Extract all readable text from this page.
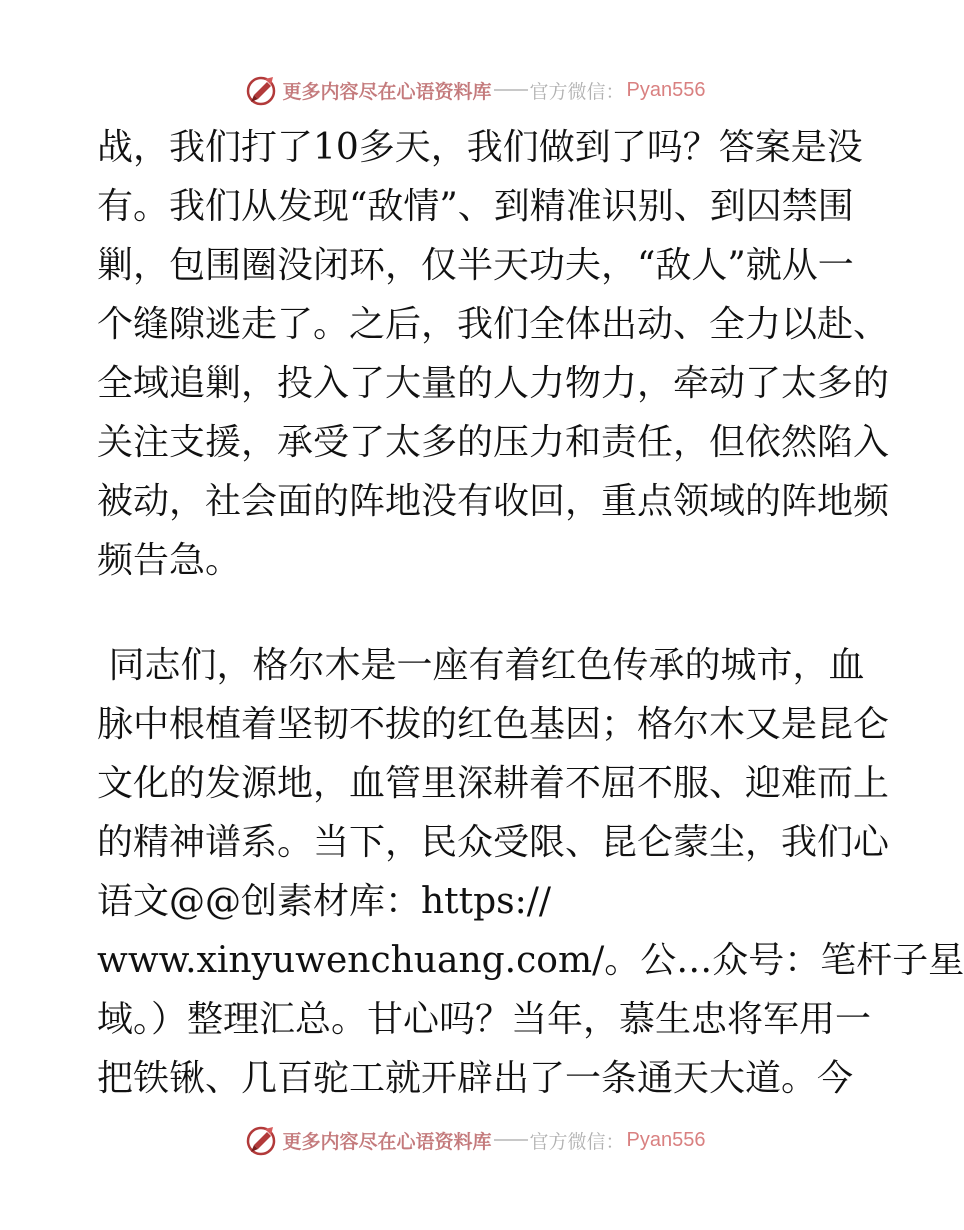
更多内容尽在心语资料库 官方微信： Pyan556
战，我们打了10多天，我们做到了吗？答案是没
有。我们从发现“敌情”、到精准识别、到囚禁围
剿，包围圈没闭环，仅半天功夫，“敌人”就从一
个缝隙逃走了。之后，我们全体出动、全力以赴、
全域追剿，投入了大量的人力物力，牵动了太多的
关注支援，承受了太多的压力和责任，但依然陷入
被动，社会面的阵地没有收回，重点领域的阵地频
频告急。
同志们，格尔木是一座有着红色传承的城市，血
脉中根植着坚韧不拔的红色基因；格尔木又是昆仑
文化的发源地，血管里深耕着不屈不服、迎难而上
的精神谱系。当下，民众受限、昆仑蒙尘，我们心
语文@@创素材库：https://
www.xinyuwenchuang.com/。公…众号：笔杆子星
域。）整理汇总。甘心吗？当年，慕生忠将军用一
把铁锹、几百驼工就开辟出了一条通天大道。今
更多内容尽在心语资料库 官方微信： Pyan556
